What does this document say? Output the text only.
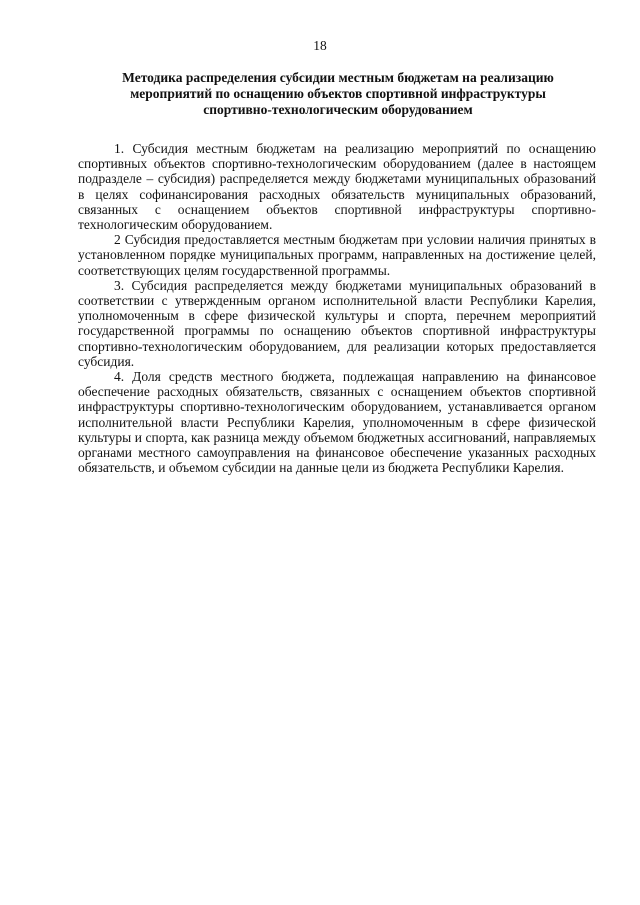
18
Методика распределения субсидии местным бюджетам на реализацию
мероприятий по оснащению объектов спортивной инфраструктуры
спортивно-технологическим оборудованием

1. Субсидия местным бюджетам на реализацию мероприятий по оснащению спортивных объектов спортивно-технологическим оборудованием (далее в настоящем подразделе – субсидия) распределяется между бюджетами муниципальных образований в целях софинансирования расходных обязательств муниципальных образований, связанных с оснащением объектов спортивной инфраструктуры спортивно-технологическим оборудованием.

2 Субсидия предоставляется местным бюджетам при условии наличия принятых в установленном порядке муниципальных программ, направленных на достижение целей, соответствующих целям государственной программы.

3. Субсидия распределяется между бюджетами муниципальных образований в соответствии с утвержденным органом исполнительной власти Республики Карелия, уполномоченным в сфере физической культуры и спорта, перечнем мероприятий государственной программы по оснащению объектов спортивной инфраструктуры спортивно-технологическим оборудованием, для реализации которых предоставляется субсидия.

4. Доля средств местного бюджета, подлежащая направлению на финансовое обеспечение расходных обязательств, связанных с оснащением объектов спортивной инфраструктуры спортивно-технологическим оборудованием, устанавливается органом исполнительной власти Республики Карелия, уполномоченным в сфере физической культуры и спорта, как разница между объемом бюджетных ассигнований, направляемых органами местного самоуправления на финансовое обеспечение указанных расходных обязательств, и объемом субсидии на данные цели из бюджета Республики Карелия.
